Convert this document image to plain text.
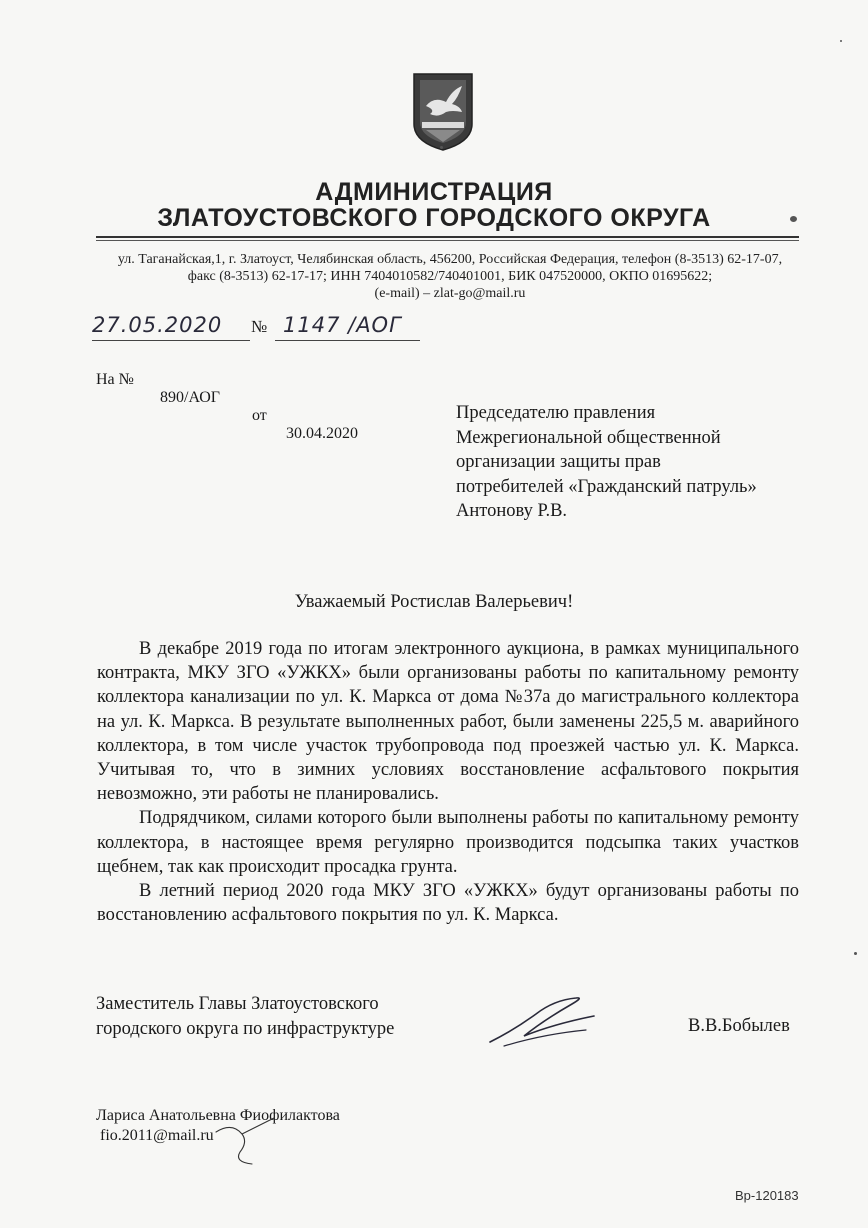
АДМИНИСТРАЦИЯ
ЗЛАТОУСТОВСКОГО ГОРОДСКОГО ОКРУГА
ул. Таганайская,1, г. Златоуст, Челябинская область, 456200, Российская Федерация, телефон (8-3513) 62-17-07,
факс (8-3513) 62-17-17; ИНН 7404010582/740401001, БИК 047520000, ОКПО 01695622;
(e-mail) – zlat-go@mail.ru
27.05.2020 № 1147 /АОГ

На №

890/АОГ

от

30.04.2020

Председателю правления
Межрегиональной общественной
организации защиты прав
потребителей «Гражданский патруль»
Антонову Р.В.
Уважаемый Ростислав Валерьевич!

В декабре 2019 года по итогам электронного аукциона, в рамках муниципального контракта, МКУ ЗГО «УЖКХ» были организованы работы по капитальному ремонту коллектора канализации по ул. К. Маркса от дома №37а до магистрального коллектора на ул. К. Маркса. В результате выполненных работ, были заменены 225,5 м. аварийного коллектора, в том числе участок трубопровода под проезжей частью ул. К. Маркса. Учитывая то, что в зимних условиях восстановление асфальтового покрытия невозможно, эти работы не планировались.

Подрядчиком, силами которого были выполнены работы по капитальному ремонту коллектора, в настоящее время регулярно производится подсыпка таких участков щебнем, так как происходит просадка грунта.

В летний период 2020 года МКУ ЗГО «УЖКХ» будут организованы работы по восстановлению асфальтового покрытия по ул. К. Маркса.

Заместитель Главы Златоустовского
городского округа по инфраструктуре	В.В.Бобылев
Лариса Анатольевна Фиофилактова
fio.2011@mail.ru
Вр-120183
